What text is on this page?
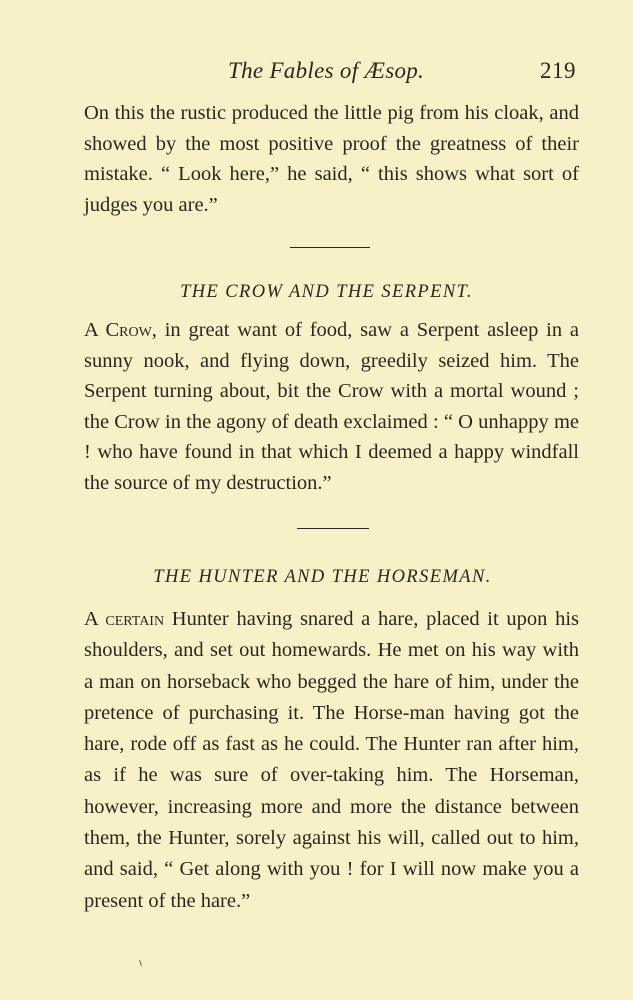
The Fables of Æsop.	219

On this the rustic produced the little pig from his cloak, and showed by the most positive proof the greatness of their mistake. “ Look here,” he said, “ this shows what sort of judges you are.”

THE CROW AND THE SERPENT.

A Crow, in great want of food, saw a Serpent asleep in a sunny nook, and flying down, greedily seized him. The Serpent turning about, bit the Crow with a mortal wound ; the Crow in the agony of death exclaimed : “ O unhappy me ! who have found in that which I deemed a happy windfall the source of my destruction.”

THE HUNTER AND THE HORSEMAN.

A certain Hunter having snared a hare, placed it upon his shoulders, and set out homewards. He met on his way with a man on horseback who begged the hare of him, under the pretence of purchasing it. The Horse-man having got the hare, rode off as fast as he could. The Hunter ran after him, as if he was sure of over-taking him. The Horseman, however, increasing more and more the distance between them, the Hunter, sorely against his will, called out to him, and said, “ Get along with you ! for I will now make you a present of the hare.”
